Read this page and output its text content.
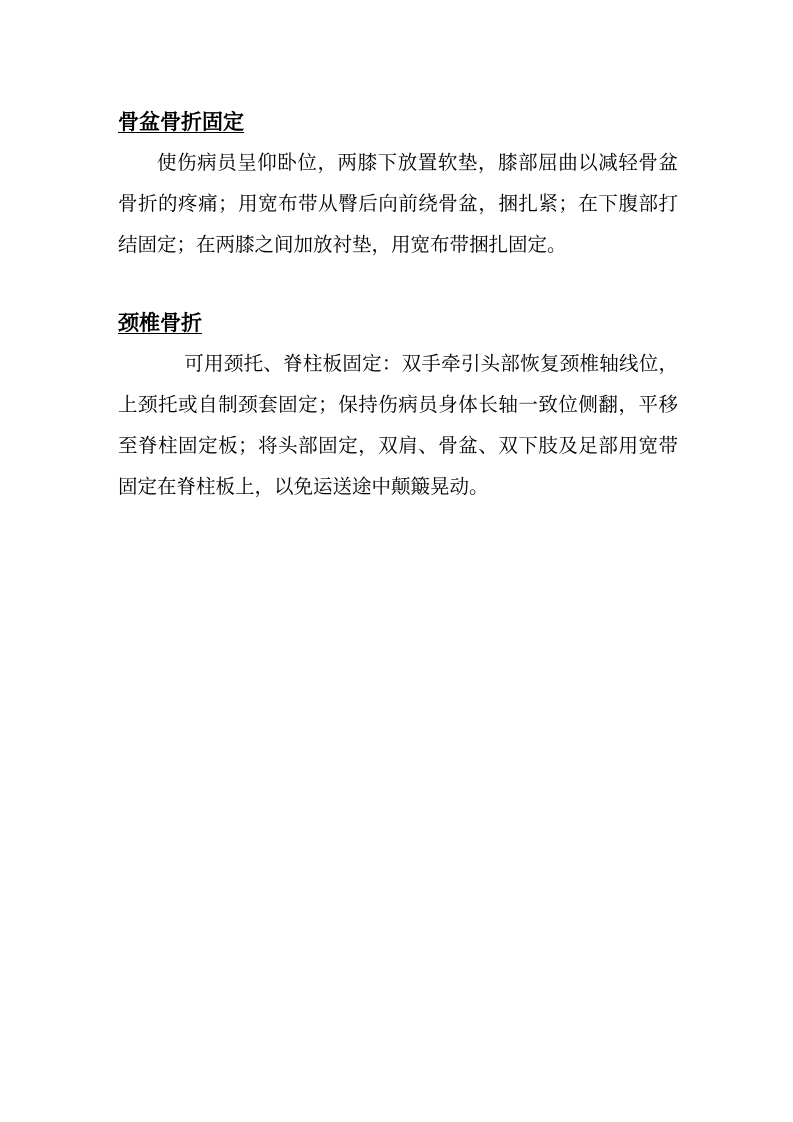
骨盆骨折固定

使伤病员呈仰卧位，两膝下放置软垫，膝部屈曲以减轻骨盆骨折的疼痛；用宽布带从臀后向前绕骨盆，捆扎紧；在下腹部打结固定；在两膝之间加放衬垫，用宽布带捆扎固定。

颈椎骨折

可用颈托、脊柱板固定：双手牵引头部恢复颈椎轴线位，上颈托或自制颈套固定；保持伤病员身体长轴一致位侧翻，平移至脊柱固定板；将头部固定，双肩、骨盆、双下肢及足部用宽带固定在脊柱板上，以免运送途中颠簸晃动。
